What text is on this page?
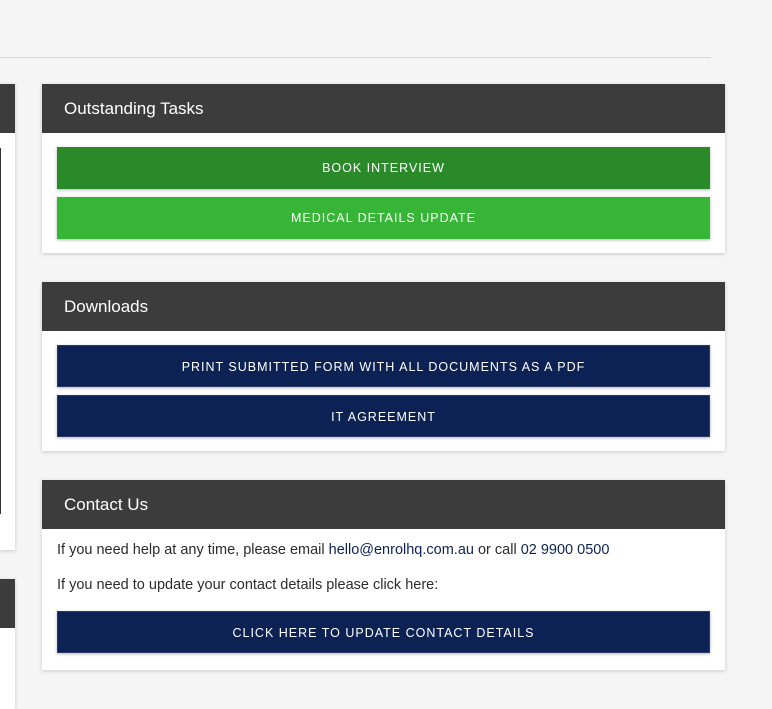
Outstanding Tasks
BOOK INTERVIEW
MEDICAL DETAILS UPDATE
Downloads
PRINT SUBMITTED FORM WITH ALL DOCUMENTS AS A PDF
IT AGREEMENT
Contact Us

If you need help at any time, please email hello@enrolhq.com.au or call 02 9900 0500

If you need to update your contact details please click here:

CLICK HERE TO UPDATE CONTACT DETAILS
